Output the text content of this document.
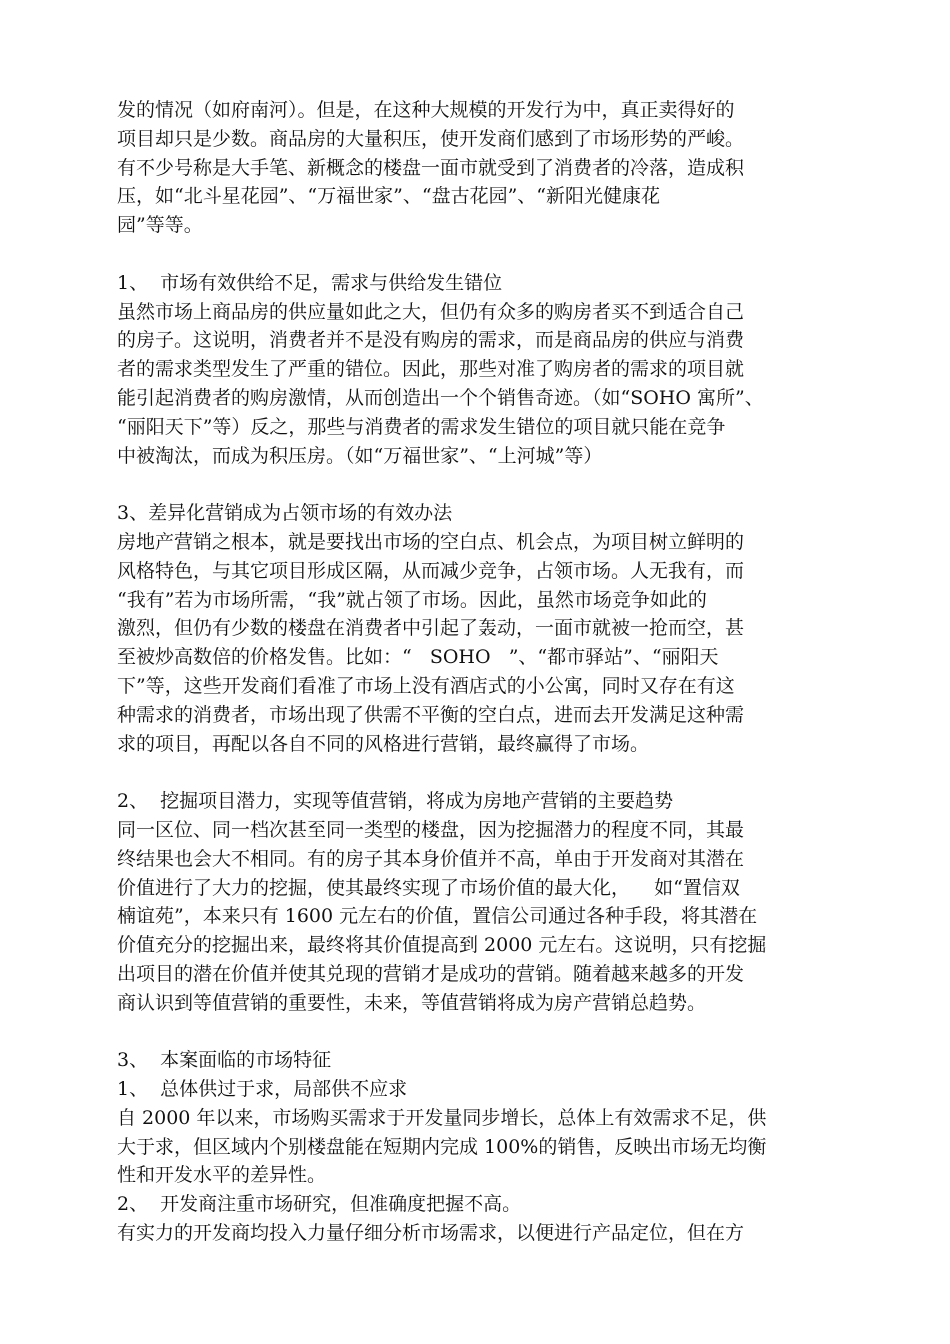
发的情况（如府南河）。但是，在这种大规模的开发行为中，真正卖得好的
项目却只是少数。商品房的大量积压，使开发商们感到了市场形势的严峻。
有不少号称是大手笔、新概念的楼盘一面市就受到了消费者的冷落，造成积
压，如“北斗星花园”、“万福世家”、“盘古花园”、“新阳光健康花
园”等等。
1、  市场有效供给不足，需求与供给发生错位
虽然市场上商品房的供应量如此之大，但仍有众多的购房者买不到适合自己
的房子。这说明，消费者并不是没有购房的需求，而是商品房的供应与消费
者的需求类型发生了严重的错位。因此，那些对准了购房者的需求的项目就
能引起消费者的购房激情，从而创造出一个个销售奇迹。（如“SOHO 寓所”、
“丽阳天下”等）反之，那些与消费者的需求发生错位的项目就只能在竞争
中被淘汰，而成为积压房。（如“万福世家”、“上河城”等）
3、差异化营销成为占领市场的有效办法
房地产营销之根本，就是要找出市场的空白点、机会点，为项目树立鲜明的
风格特色，与其它项目形成区隔，从而减少竞争，占领市场。人无我有，而
“我有”若为市场所需，“我”就占领了市场。因此，虽然市场竞争如此的
激烈，但仍有少数的楼盘在消费者中引起了轰动，一面市就被一抢而空，甚
至被炒高数倍的价格发售。比如：“   SOHO   ”、“都市驿站”、“丽阳天
下”等，这些开发商们看准了市场上没有酒店式的小公寓，同时又存在有这
种需求的消费者，市场出现了供需不平衡的空白点，进而去开发满足这种需
求的项目，再配以各自不同的风格进行营销，最终赢得了市场。
2、  挖掘项目潜力，实现等值营销，将成为房地产营销的主要趋势
同一区位、同一档次甚至同一类型的楼盘，因为挖掘潜力的程度不同，其最
终结果也会大不相同。有的房子其本身价值并不高，单由于开发商对其潜在
价值进行了大力的挖掘，使其最终实现了市场价值的最大化，    如“置信双
楠谊苑”，本来只有 1600 元左右的价值，置信公司通过各种手段，将其潜在
价值充分的挖掘出来，最终将其价值提高到 2000 元左右。这说明，只有挖掘
出项目的潜在价值并使其兑现的营销才是成功的营销。随着越来越多的开发
商认识到等值营销的重要性，未来，等值营销将成为房产营销总趋势。
3、  本案面临的市场特征
1、  总体供过于求，局部供不应求
自 2000 年以来，市场购买需求于开发量同步增长，总体上有效需求不足，供
大于求，但区域内个别楼盘能在短期内完成 100%的销售，反映出市场无均衡
性和开发水平的差异性。
2、  开发商注重市场研究，但准确度把握不高。
有实力的开发商均投入力量仔细分析市场需求，以便进行产品定位，但在方
